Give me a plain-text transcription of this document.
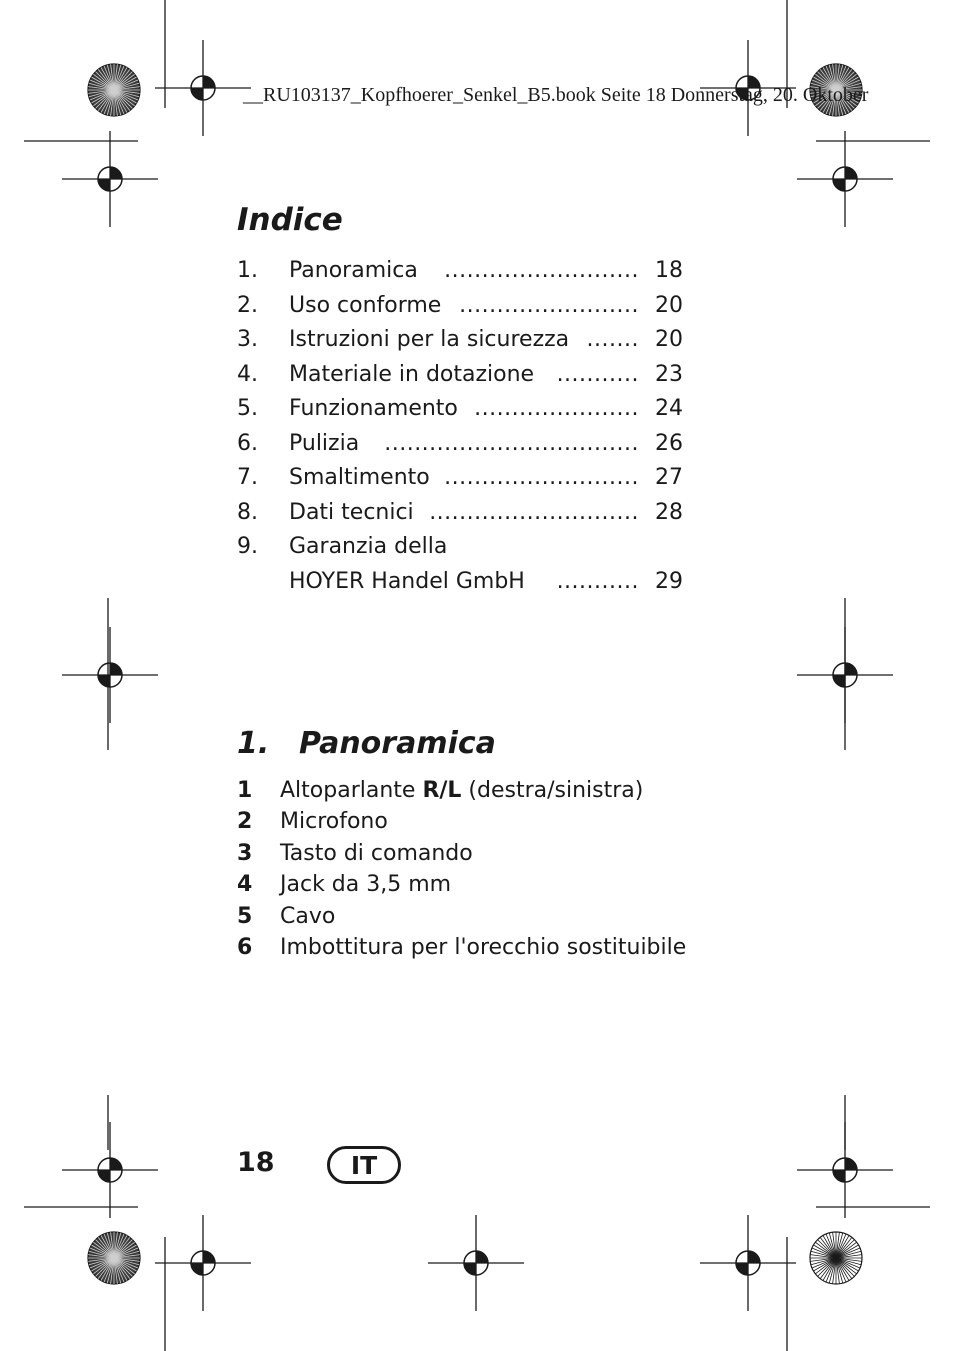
__RU103137_Kopfhoerer_Senkel_B5.book Seite 18 Donnerstag, 20. Oktober
Indice
1. Panoramica .......................... 18
2. Uso conforme ........................ 20
3. Istruzioni per la sicurezza ....... 20
4. Materiale in dotazione ........... 23
5. Funzionamento ...................... 24
6. Pulizia .................................. 26
7. Smaltimento .......................... 27
8. Dati tecnici ............................ 28
9. Garanzia della
HOYER Handel GmbH ........... 29
1. Panoramica
1 Altoparlante R/L (destra/sinistra)
2 Microfono
3 Tasto di comando
4 Jack da 3,5 mm
5 Cavo
6 Imbottitura per l'orecchio sostituibile
18	IT
